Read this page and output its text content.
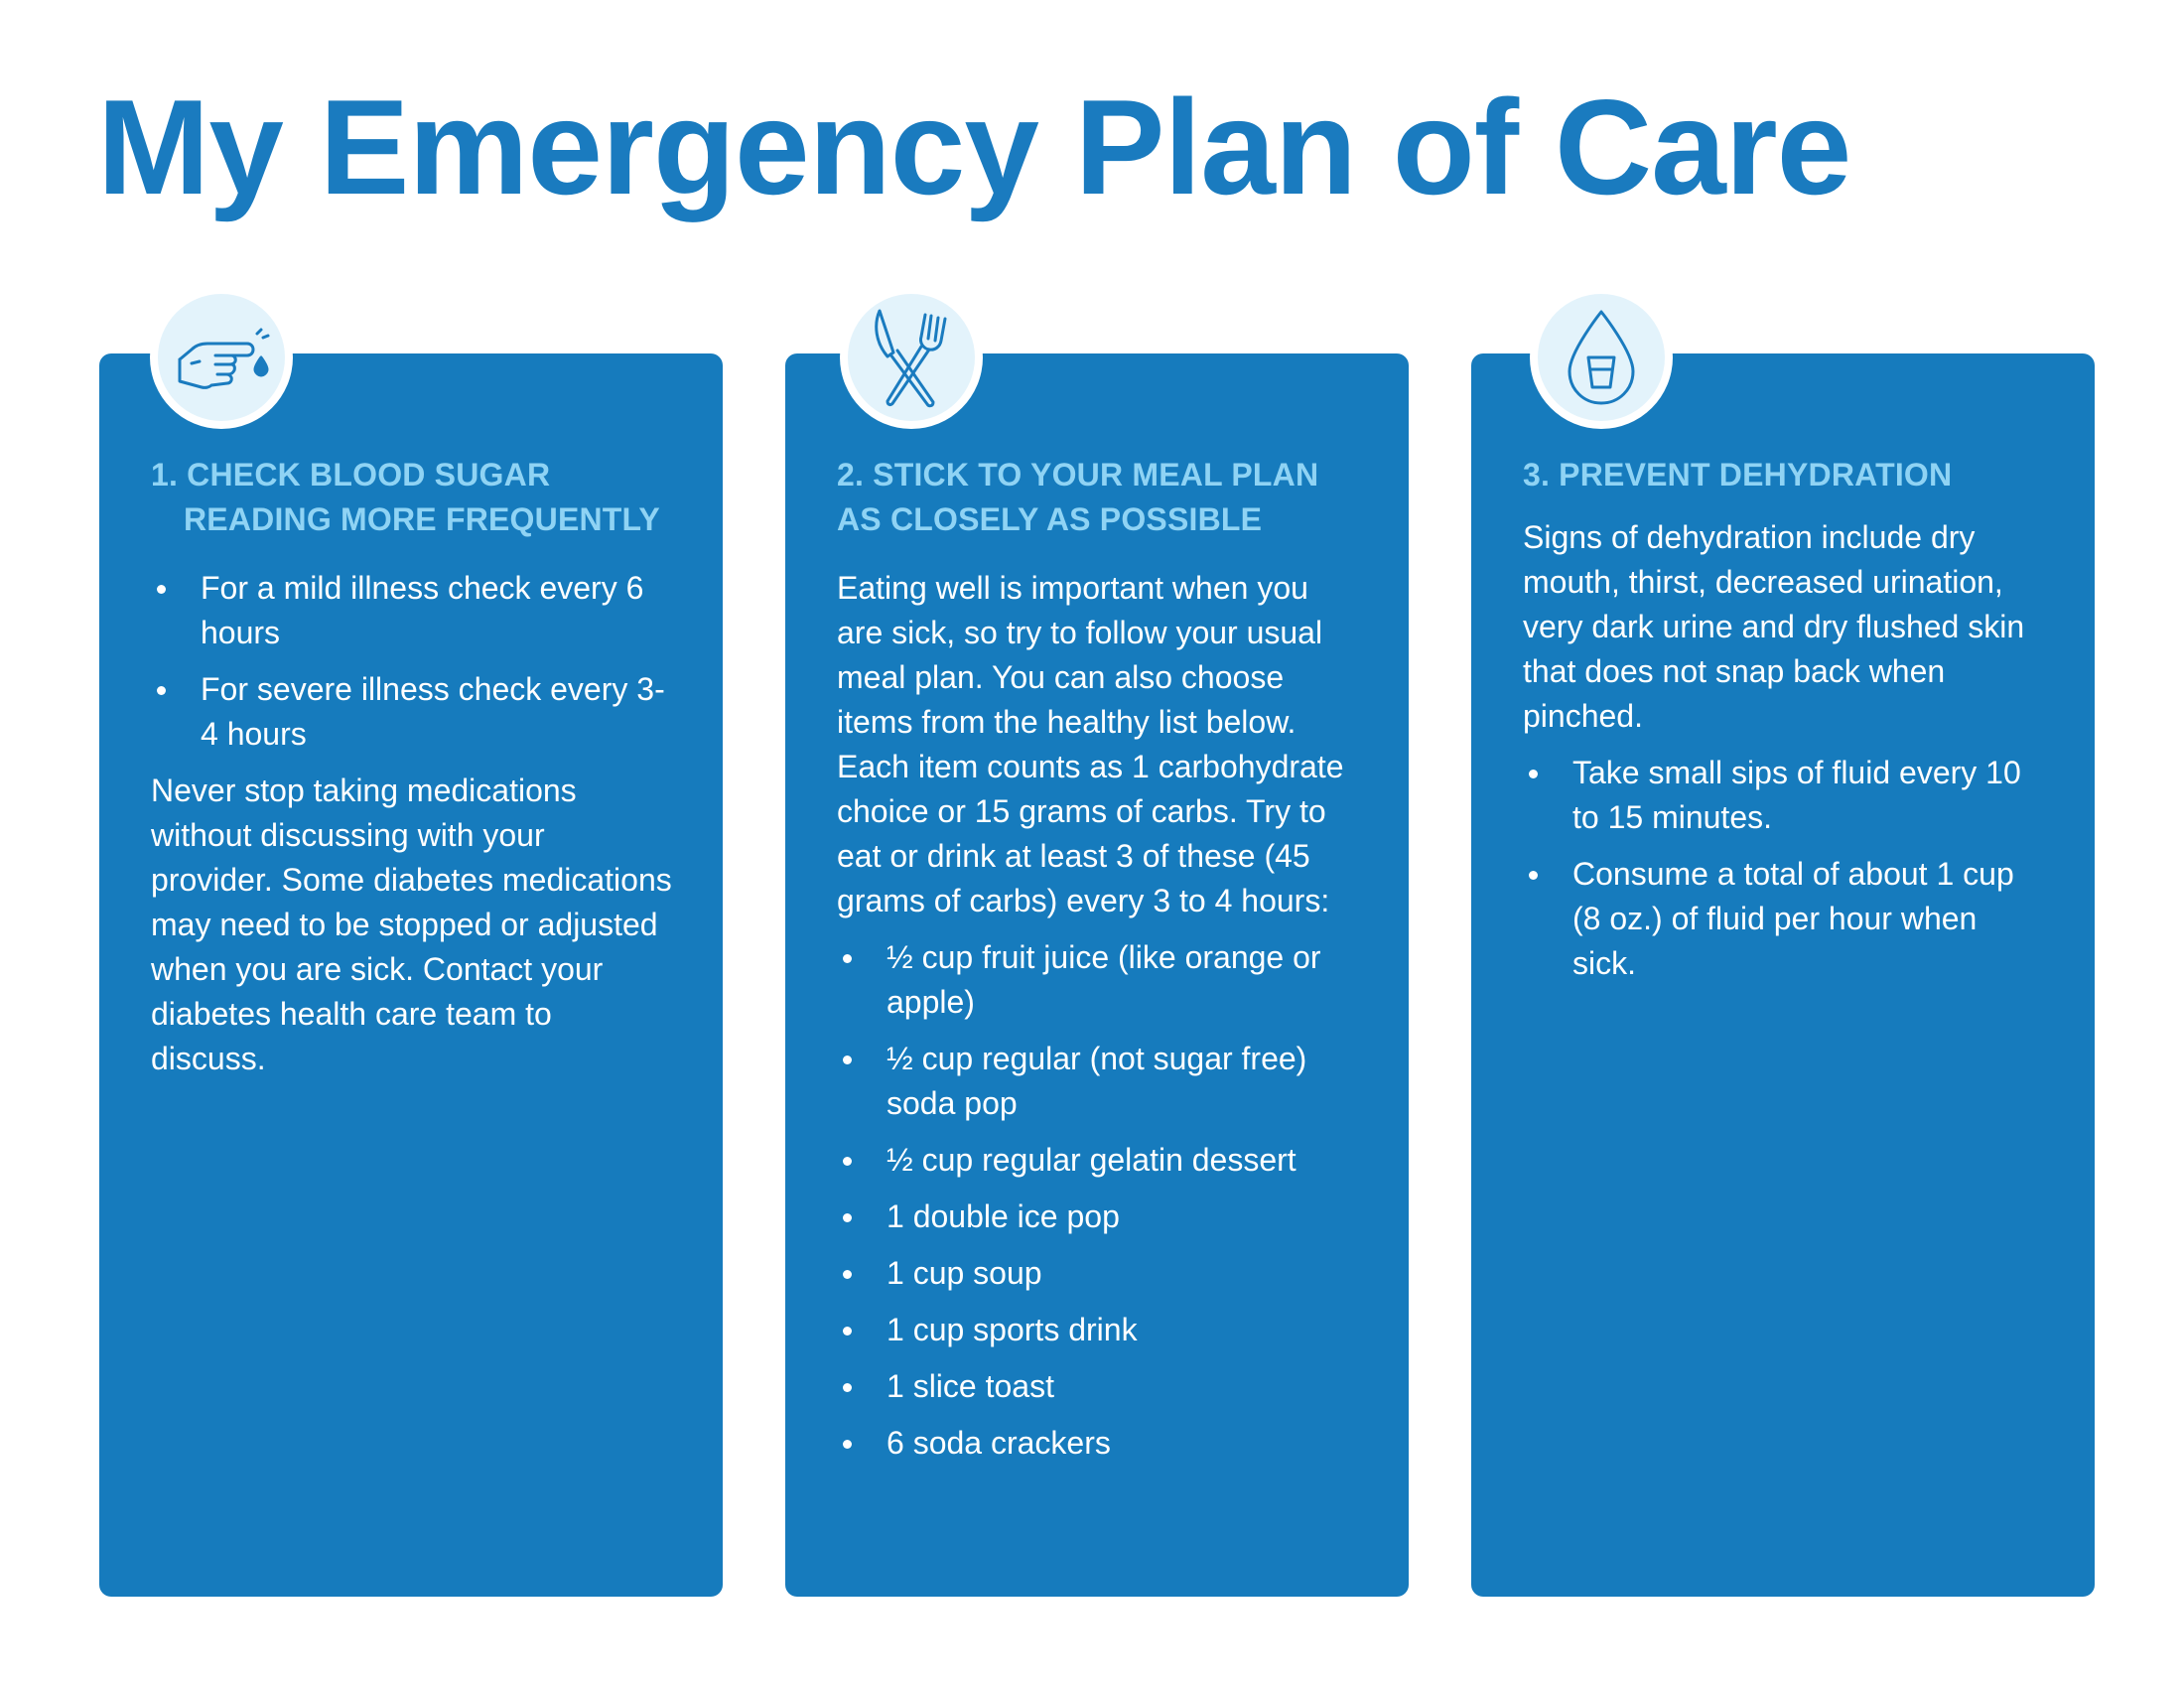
My Emergency Plan of Care
1. CHECK BLOOD SUGAR READING MORE FREQUENTLY
For a mild illness check every 6 hours
For severe illness check every 3-4 hours

Never stop taking medications without discussing with your provider. Some diabetes medications may need to be stopped or adjusted when you are sick. Contact your diabetes health care team to discuss.

2. STICK TO YOUR MEAL PLAN AS CLOSELY AS POSSIBLE

Eating well is important when you are sick, so try to follow your usual meal plan. You can also choose items from the healthy list below. Each item counts as 1 carbohydrate choice or 15 grams of carbs. Try to eat or drink at least 3 of these (45 grams of carbs) every 3 to 4 hours:

½ cup fruit juice (like orange or apple)
½ cup regular (not sugar free) soda pop
½ cup regular gelatin dessert
1 double ice pop
1 cup soup
1 cup sports drink
1 slice toast
6 soda crackers
3. PREVENT DEHYDRATION

Signs of dehydration include dry mouth, thirst, decreased urination, very dark urine and dry flushed skin that does not snap back when pinched.

Take small sips of fluid every 10 to 15 minutes.
Consume a total of about 1 cup (8 oz.) of fluid per hour when sick.
